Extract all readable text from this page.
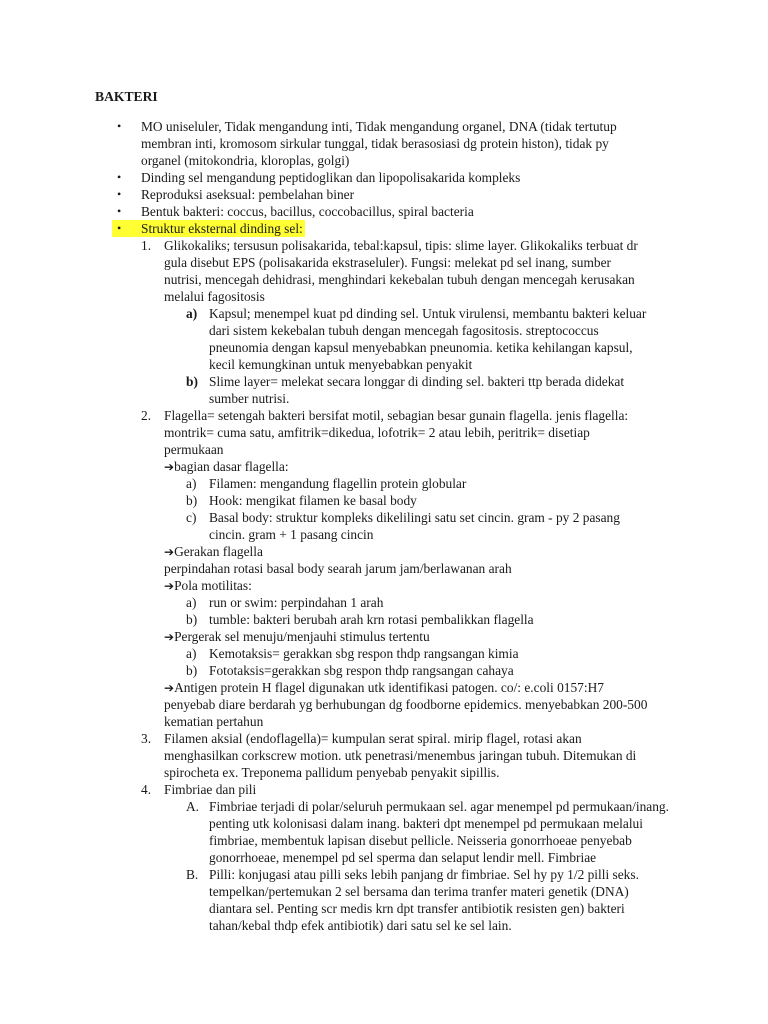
BAKTERI
• MO uniseluler, Tidak mengandung inti, Tidak mengandung organel, DNA (tidak tertutup
membran inti, kromosom sirkular tunggal, tidak berasosiasi dg protein histon), tidak py
organel (mitokondria, kloroplas, golgi)
• Dinding sel mengandung peptidoglikan dan lipopolisakarida kompleks
• Reproduksi aseksual: pembelahan biner
• Bentuk bakteri: coccus, bacillus, coccobacillus, spiral bacteria
• Struktur eksternal dinding sel:
1. Glikokaliks; tersusun polisakarida, tebal:kapsul, tipis: slime layer. Glikokaliks terbuat dr
gula disebut EPS (polisakarida ekstraseluler). Fungsi: melekat pd sel inang, sumber
nutrisi, mencegah dehidrasi, menghindari kekebalan tubuh dengan mencegah kerusakan
melalui fagositosis
a) Kapsul; menempel kuat pd dinding sel. Untuk virulensi, membantu bakteri keluar
dari sistem kekebalan tubuh dengan mencegah fagositosis. streptococcus
pneunomia dengan kapsul menyebabkan pneunomia. ketika kehilangan kapsul,
kecil kemungkinan untuk menyebabkan penyakit
b) Slime layer= melekat secara longgar di dinding sel. bakteri ttp berada didekat
sumber nutrisi.
2. Flagella= setengah bakteri bersifat motil, sebagian besar gunain flagella. jenis flagella:
montrik= cuma satu, amfitrik=dikedua, lofotrik= 2 atau lebih, peritrik= disetiap
permukaan
➔bagian dasar flagella:
a) Filamen: mengandung flagellin protein globular
b) Hook: mengikat filamen ke basal body
c) Basal body: struktur kompleks dikelilingi satu set cincin. gram - py 2 pasang
cincin. gram + 1 pasang cincin
➔Gerakan flagella
perpindahan rotasi basal body searah jarum jam/berlawanan arah
➔Pola motilitas:
a) run or swim: perpindahan 1 arah
b) tumble: bakteri berubah arah krn rotasi pembalikkan flagella
➔Pergerak sel menuju/menjauhi stimulus tertentu
a) Kemotaksis= gerakkan sbg respon thdp rangsangan kimia
b) Fototaksis=gerakkan sbg respon thdp rangsangan cahaya
➔Antigen protein H flagel digunakan utk identifikasi patogen. co/: e.coli 0157:H7
penyebab diare berdarah yg berhubungan dg foodborne epidemics. menyebabkan 200-500
kematian pertahun
3. Filamen aksial (endoflagella)= kumpulan serat spiral. mirip flagel, rotasi akan
menghasilkan corkscrew motion. utk penetrasi/menembus jaringan tubuh. Ditemukan di
spirocheta ex. Treponema pallidum penyebab penyakit sipillis.
4. Fimbriae dan pili
A. Fimbriae terjadi di polar/seluruh permukaan sel. agar menempel pd permukaan/inang.
penting utk kolonisasi dalam inang. bakteri dpt menempel pd permukaan melalui
fimbriae, membentuk lapisan disebut pellicle. Neisseria gonorrhoeae penyebab
gonorrhoeae, menempel pd sel sperma dan selaput lendir mell. Fimbriae
B. Pilli: konjugasi atau pilli seks lebih panjang dr fimbriae. Sel hy py 1/2 pilli seks.
tempelkan/pertemukan 2 sel bersama dan terima tranfer materi genetik (DNA)
diantara sel. Penting scr medis krn dpt transfer antibiotik resisten gen) bakteri
tahan/kebal thdp efek antibiotik) dari satu sel ke sel lain.
